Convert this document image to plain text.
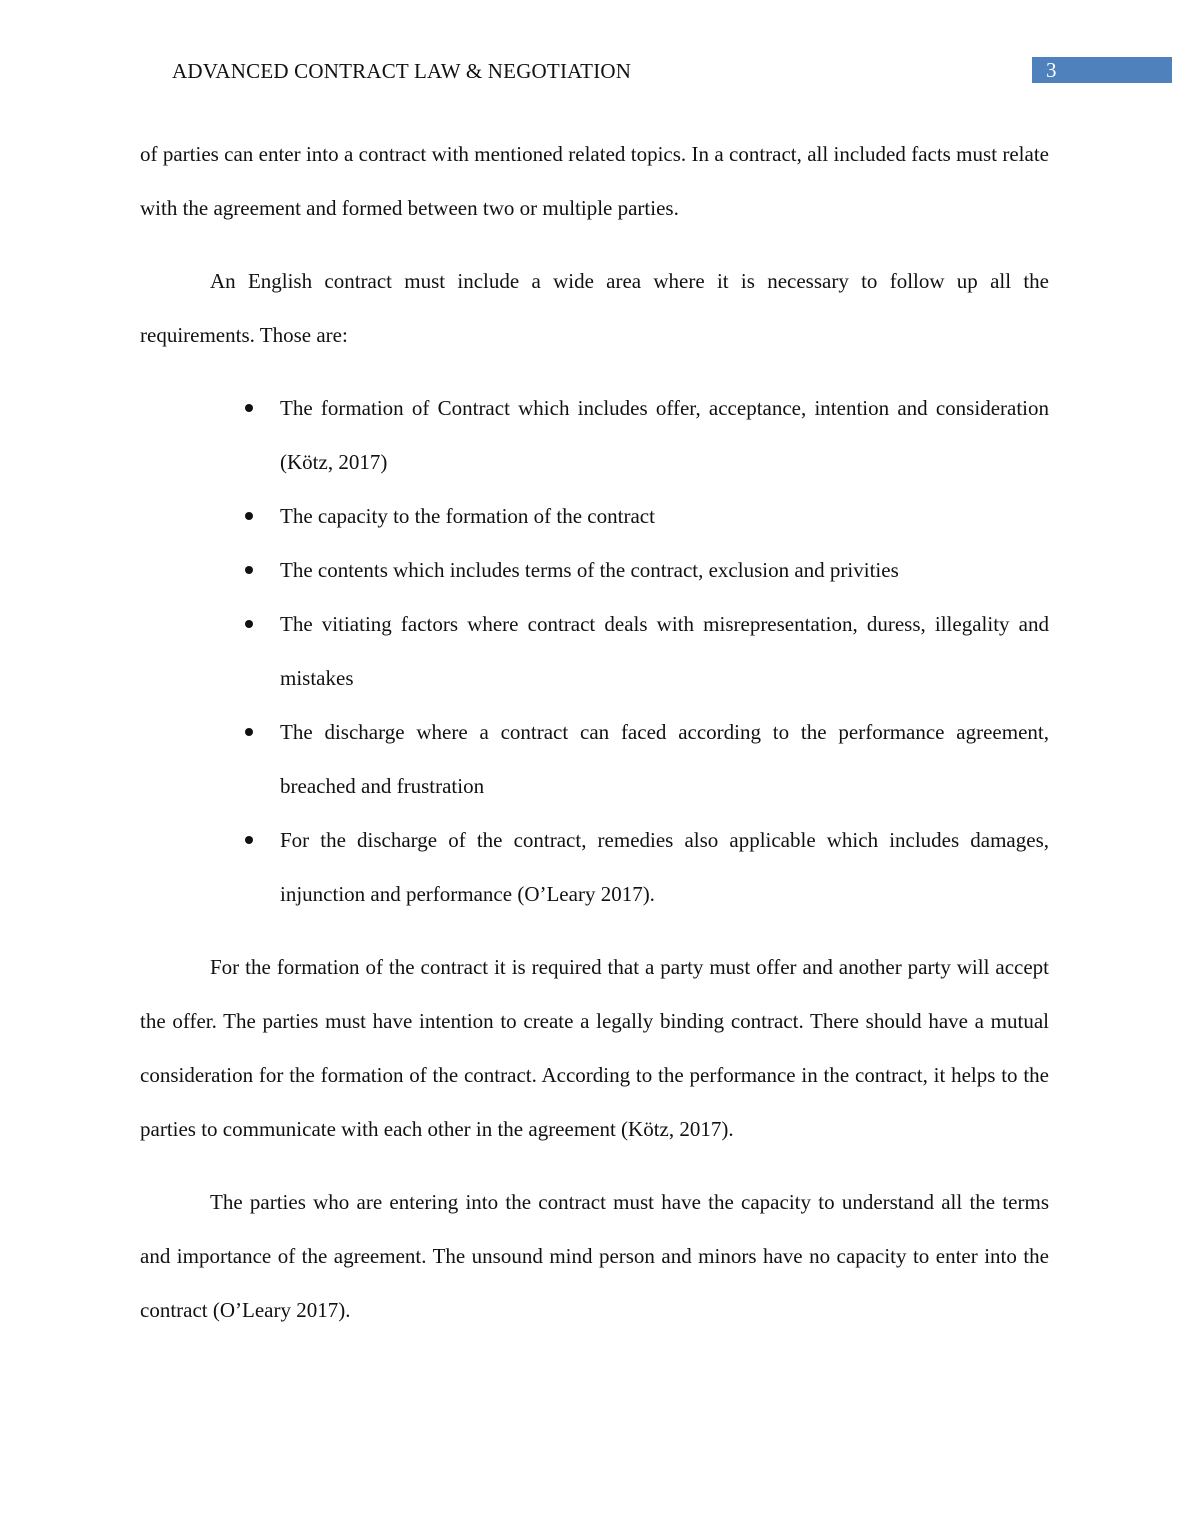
ADVANCED CONTRACT LAW & NEGOTIATION	3

of parties can enter into a contract with mentioned related topics. In a contract, all included facts must relate with the agreement and formed between two or multiple parties.

An English contract must include a wide area where it is necessary to follow up all the requirements. Those are:

The formation of Contract which includes offer, acceptance, intention and consideration (Kötz, 2017)
The capacity to the formation of the contract
The contents which includes terms of the contract, exclusion and privities
The vitiating factors where contract deals with misrepresentation, duress, illegality and mistakes
The discharge where a contract can faced according to the performance agreement, breached and frustration
For the discharge of the contract, remedies also applicable which includes damages, injunction and performance (O’Leary 2017).

For the formation of the contract it is required that a party must offer and another party will accept the offer. The parties must have intention to create a legally binding contract. There should have a mutual consideration for the formation of the contract. According to the performance in the contract, it helps to the parties to communicate with each other in the agreement (Kötz, 2017).

The parties who are entering into the contract must have the capacity to understand all the terms and importance of the agreement. The unsound mind person and minors have no capacity to enter into the contract (O’Leary 2017).
